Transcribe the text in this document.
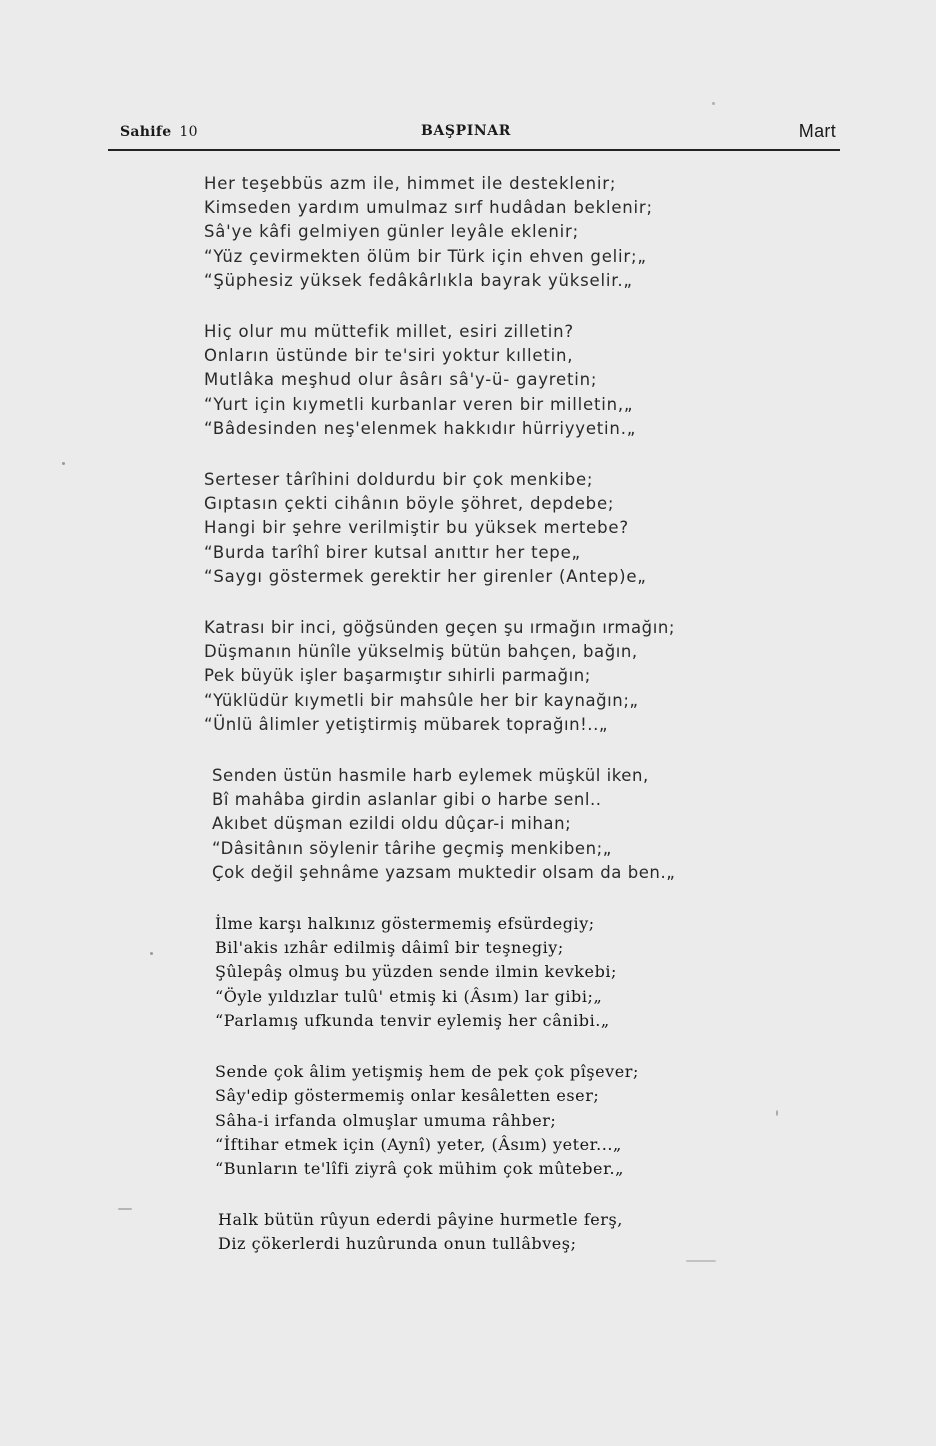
Sahife 10	BAŞPINAR	Mart
Her teşebbüs azm ile, himmet ile desteklenir;
Kimseden yardım umulmaz sırf hudâdan beklenir;
Sâ'ye kâfi gelmiyen günler leyâle eklenir;
“Yüz çevirmekten ölüm bir Türk için ehven gelir;„
“Şüphesiz yüksek fedâkârlıkla bayrak yükselir.„
Hiç olur mu müttefik millet, esiri zilletin?
Onların üstünde bir te'siri yoktur kılletin,
Mutlâka meşhud olur âsârı sâ'y-ü- gayretin;
“Yurt için kıymetli kurbanlar veren bir milletin,„
“Bâdesinden neş'elenmek hakkıdır hürriyyetin.„
Serteser târîhini doldurdu bir çok menkibe;
Gıptasın çekti cihânın böyle şöhret, depdebe;
Hangi bir şehre verilmiştir bu yüksek mertebe?
“Burda tarîhî birer kutsal anıttır her tepe„
“Saygı göstermek gerektir her girenler (Antep)e„
Katrası bir inci, göğsünden geçen şu ırmağın ırmağın;
Düşmanın hünîle yükselmiş bütün bahçen, bağın,
Pek büyük işler başarmıştır sıhirli parmağın;
“Yüklüdür kıymetli bir mahsûle her bir kaynağın;„
“Ünlü âlimler yetiştirmiş mübarek toprağın!..„
Senden üstün hasmile harb eylemek müşkül iken,
Bî mahâba girdin aslanlar gibi o harbe senl..
Akıbet düşman ezildi oldu dûçar-i mihan;
“Dâsitânın söylenir târihe geçmiş menkiben;„
Çok değil şehnâme yazsam muktedir olsam da ben.„
İlme karşı halkınız göstermemiş efsürdegiy;
Bil'akis ızhâr edilmiş dâimî bir teşnegiy;
Şûlepâş olmuş bu yüzden sende ilmin kevkebi;
“Öyle yıldızlar tulû' etmiş ki (Âsım) lar gibi;„
“Parlamış ufkunda tenvir eylemiş her cânibi.„
Sende çok âlim yetişmiş hem de pek çok pîşever;
Sây'edip göstermemiş onlar kesâletten eser;
Sâha-i irfanda olmuşlar umuma râhber;
“İftihar etmek için (Aynî) yeter, (Âsım) yeter...„
“Bunların te'lîfi ziyrâ çok mühim çok mûteber.„
Halk bütün rûyun ederdi pâyine hurmetle ferş,
Diz çökerlerdi huzûrunda onun tullâbveş;
